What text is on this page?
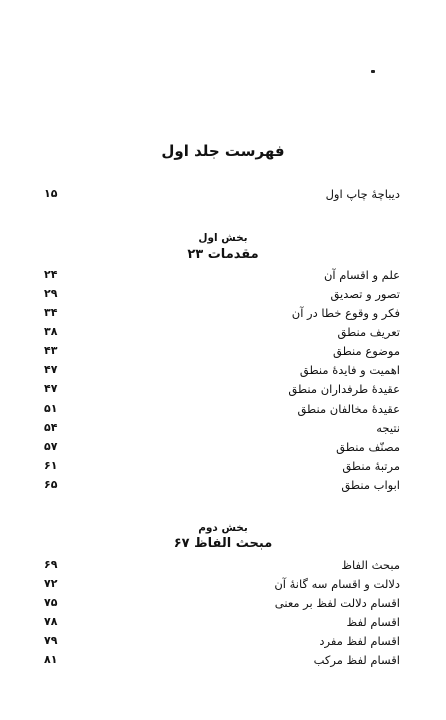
فهرست جلد اول
دیباچهٔ چاپ اول
۱۵
بخش اول
مقدمات ۲۳
علم و اقسام آن
۲۴
تصور و تصدیق
۲۹
فکر و وقوع خطا در آن
۳۴
تعریف منطق
۳۸
موضوع منطق
۴۳
اهمیت و فایدهٔ منطق
۴۷
عقیدهٔ طرفداران منطق
۴۷
عقیدهٔ مخالفان منطق
۵۱
نتیجه
۵۴
مصنّف منطق
۵۷
مرتبهٔ منطق
۶۱
ابواب منطق
۶۵
بخش دوم
مبحث الفاظ ۶۷
مبحث الفاظ
۶۹
دلالت و اقسام سه گانهٔ آن
۷۲
اقسام دلالت لفظ بر معنی
۷۵
اقسام لفظ
۷۸
اقسام لفظ مفرد
۷۹
اقسام لفظ مرکب
۸۱
